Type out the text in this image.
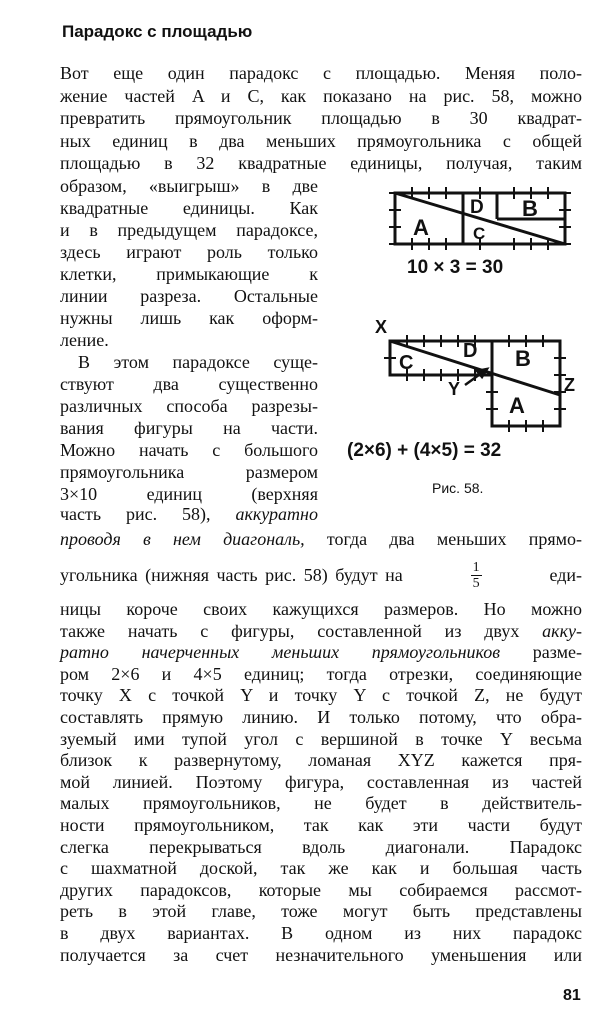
Парадокс с площадью
Вот еще один парадокс с площадью. Меняя поло-
жение частей A и C, как показано на рис. 58, можно
превратить прямоугольник площадью в 30 квадрат-
ных единиц в два меньших прямоугольника с общей
площадью в 32 квадратные единицы, получая, таким
образом, «выигрыш» в две
квадратные единицы. Как
и в предыдущем парадоксе,
здесь играют роль только
клетки, примыкающие к
линии разреза. Остальные
нужны лишь как оформ-
ление.
В этом парадоксе суще-
ствуют два существенно
различных способа разрезы-
вания фигуры на части.
Можно начать с большого
прямоугольника размером
3×10 единиц (верхняя
часть рис. 58), аккуратно
проводя в нем диагональ, тогда два меньших прямо-
угольника (нижняя часть рис. 58) будут на	$\frac{1}{5}$	еди-
ницы короче своих кажущихся размеров. Но можно
также начать с фигуры, составленной из двух акку-
ратно начерченных меньших прямоугольников разме-
ром 2×6 и 4×5 единиц; тогда отрезки, соединяющие
точку X с точкой Y и точку Y с точкой Z, не будут
составлять прямую линию. И только потому, что обра-
зуемый ими тупой угол с вершиной в точке Y весьма
близок к развернутому, ломаная XYZ кажется пря-
мой линией. Поэтому фигура, составленная из частей
малых прямоугольников, не будет в действитель-
ности прямоугольником, так как эти части будут
слегка перекрываться вдоль диагонали. Парадокс
с шахматной доской, так же как и большая часть
других парадоксов, которые мы собираемся рассмот-
реть в этой главе, тоже могут быть представлены
в двух вариантах. В одном из них парадокс
получается за счет незначительного уменьшения или
A	C
D B
10 × 3 = 30
X
Y	Z
C
D B
A
(2×6) + (4×5) = 32
Рис. 58.
81
